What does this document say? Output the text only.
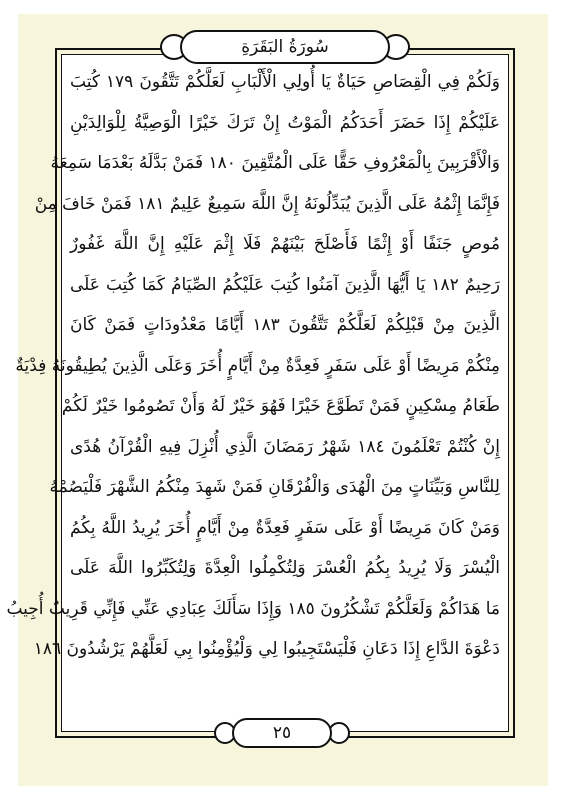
سُورَةُ البَقَرَةِ
وَلَكُمْ فِي الْقِصَاصِ حَيَاةٌ يَا أُولِي الْأَلْبَابِ لَعَلَّكُمْ تَتَّقُونَ ١٧٩ كُتِبَ
عَلَيْكُمْ إِذَا حَضَرَ أَحَدَكُمُ الْمَوْتُ إِنْ تَرَكَ خَيْرًا الْوَصِيَّةُ لِلْوَالِدَيْنِ
وَالْأَقْرَبِينَ بِالْمَعْرُوفِ حَقًّا عَلَى الْمُتَّقِينَ ١٨٠ فَمَنْ بَدَّلَهُ بَعْدَمَا سَمِعَهُ
فَإِنَّمَا إِثْمُهُ عَلَى الَّذِينَ يُبَدِّلُونَهُ إِنَّ اللَّهَ سَمِيعٌ عَلِيمٌ ١٨١ فَمَنْ خَافَ مِنْ
مُوصٍ جَنَفًا أَوْ إِثْمًا فَأَصْلَحَ بَيْنَهُمْ فَلَا إِثْمَ عَلَيْهِ إِنَّ اللَّهَ غَفُورٌ
رَحِيمٌ ١٨٢ يَا أَيُّهَا الَّذِينَ آمَنُوا كُتِبَ عَلَيْكُمُ الصِّيَامُ كَمَا كُتِبَ عَلَى
الَّذِينَ مِنْ قَبْلِكُمْ لَعَلَّكُمْ تَتَّقُونَ ١٨٣ أَيَّامًا مَعْدُودَاتٍ فَمَنْ كَانَ
مِنْكُمْ مَرِيضًا أَوْ عَلَى سَفَرٍ فَعِدَّةٌ مِنْ أَيَّامٍ أُخَرَ وَعَلَى الَّذِينَ يُطِيقُونَهُ فِدْيَةٌ
طَعَامُ مِسْكِينٍ فَمَنْ تَطَوَّعَ خَيْرًا فَهُوَ خَيْرٌ لَهُ وَأَنْ تَصُومُوا خَيْرٌ لَكُمْ
إِنْ كُنْتُمْ تَعْلَمُونَ ١٨٤ شَهْرُ رَمَضَانَ الَّذِي أُنْزِلَ فِيهِ الْقُرْآنُ هُدًى
لِلنَّاسِ وَبَيِّنَاتٍ مِنَ الْهُدَى وَالْفُرْقَانِ فَمَنْ شَهِدَ مِنْكُمُ الشَّهْرَ فَلْيَصُمْهُ
وَمَنْ كَانَ مَرِيضًا أَوْ عَلَى سَفَرٍ فَعِدَّةٌ مِنْ أَيَّامٍ أُخَرَ يُرِيدُ اللَّهُ بِكُمُ
الْيُسْرَ وَلَا يُرِيدُ بِكُمُ الْعُسْرَ وَلِتُكْمِلُوا الْعِدَّةَ وَلِتُكَبِّرُوا اللَّهَ عَلَى
مَا هَدَاكُمْ وَلَعَلَّكُمْ تَشْكُرُونَ ١٨٥ وَإِذَا سَأَلَكَ عِبَادِي عَنِّي فَإِنِّي قَرِيبٌ أُجِيبُ
دَعْوَةَ الدَّاعِ إِذَا دَعَانِ فَلْيَسْتَجِيبُوا لِي وَلْيُؤْمِنُوا بِي لَعَلَّهُمْ يَرْشُدُونَ ١٨٦
٢٥
